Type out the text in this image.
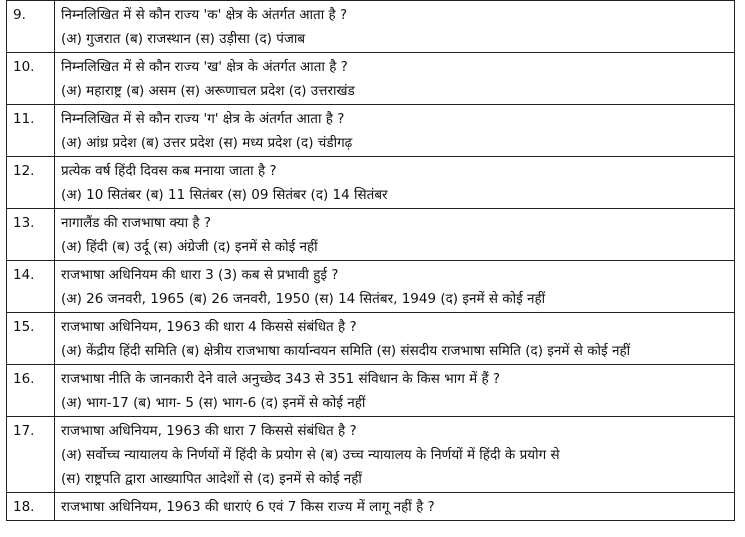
9.	निम्नलिखित में से कौन राज्य 'क' क्षेत्र के अंतर्गत आता है ?
(अ) गुजरात (ब) राजस्थान (स) उड़ीसा (द) पंजाब

10.	निम्नलिखित में से कौन राज्य 'ख' क्षेत्र के अंतर्गत आता है ?
(अ) महाराष्ट्र (ब) असम (स) अरूणाचल प्रदेश (द) उत्तराखंड

11.	निम्नलिखित में से कौन राज्य 'ग' क्षेत्र के अंतर्गत आता है ?
(अ) आंध्र प्रदेश (ब) उत्तर प्रदेश (स) मध्य प्रदेश (द) चंडीगढ़

12.	प्रत्येक वर्ष हिंदी दिवस कब मनाया जाता है ?
(अ) 10 सितंबर (ब) 11 सितंबर (स) 09 सितंबर (द) 14 सितंबर

13.	नागालैंड की राजभाषा क्या है ?
(अ) हिंदी (ब) उर्दू (स) अंग्रेजी (द) इनमें से कोई नहीं

14.	राजभाषा अधिनियम की धारा 3 (3) कब से प्रभावी हुई ?
(अ) 26 जनवरी, 1965 (ब) 26 जनवरी, 1950 (स) 14 सितंबर, 1949 (द) इनमें से कोई नहीं

15.	राजभाषा अधिनियम, 1963 की धारा 4 किससे संबंधित है ?
(अ) केंद्रीय हिंदी समिति (ब) क्षेत्रीय राजभाषा कार्यान्वयन समिति (स) संसदीय राजभाषा समिति (द) इनमें से कोई नहीं

16.	राजभाषा नीति के जानकारी देने वाले अनुच्छेद 343 से 351 संविधान के किस भाग में हैं ?
(अ) भाग-17 (ब) भाग- 5 (स) भाग-6 (द) इनमें से कोई नहीं

17.	राजभाषा अधिनियम, 1963 की धारा 7 किससे संबंधित है ?
(अ) सर्वोच्च न्यायालय के निर्णयों में हिंदी के प्रयोग से (ब) उच्च न्यायालय के निर्णयों में हिंदी के प्रयोग से
(स) राष्ट्रपति द्वारा आख्यापित आदेशों से (द) इनमें से कोई नहीं

18.	राजभाषा अधिनियम, 1963 की धाराएं 6 एवं 7 किस राज्य में लागू नहीं है ?
